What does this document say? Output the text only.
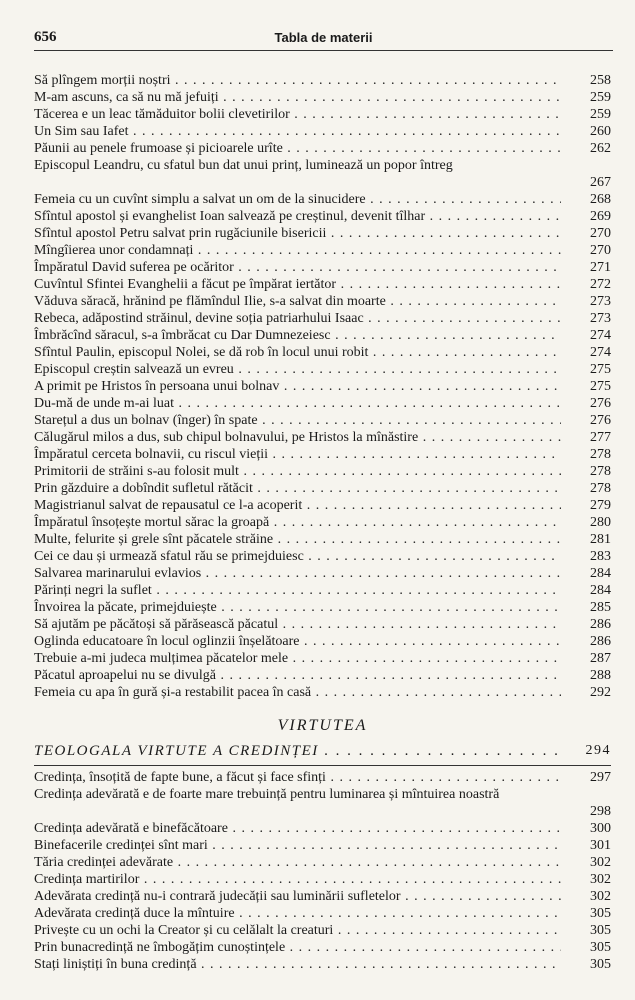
656	Tabla de materii
Să plîngem morții noștri . . .	258
M-am ascuns, ca să nu mă jefuiți . . .	259
Tăcerea e un leac tămăduitor bolii clevetirilor . . .	259
Un Sim sau Iafet . . .	260
Păunii au penele frumoase și picioarele urîte . . .	262
Episcopul Leandru, cu sfatul bun dat unui prinț, luminează un popor întreg
267
Femeia cu un cuvînt simplu a salvat un om de la sinucidere . . .	268
Sfîntul apostol și evanghelist Ioan salvează pe creștinul, devenit tîlhar . . .	269
Sfîntul apostol Petru salvat prin rugăciunile bisericii . . .	270
Mîngîierea unor condamnați . . .	270
Împăratul David suferea pe ocăritor . . .	271
Cuvîntul Sfintei Evanghelii a făcut pe împărat iertător . . .	272
Văduva săracă, hrănind pe flămîndul Ilie, s-a salvat din moarte . . .	273
Rebeca, adăpostind străinul, devine soția patriarhului Isaac . . .	273
Îmbrăcînd săracul, s-a îmbrăcat cu Dar Dumnezeiesc . . .	274
Sfîntul Paulin, episcopul Nolei, se dă rob în locul unui robit . . .	274
Episcopul creștin salvează un evreu . . .	275
A primit pe Hristos în persoana unui bolnav . . .	275
Du-mă de unde m-ai luat . . .	276
Starețul a dus un bolnav (înger) în spate . . .	276
Călugărul milos a dus, sub chipul bolnavului, pe Hristos la mînăstire . . .	277
Împăratul cerceta bolnavii, cu riscul vieții . . .	278
Primitorii de străini s-au folosit mult . . .	278
Prin găzduire a dobîndit sufletul rătăcit . . .	278
Magistrianul salvat de repausatul ce l-a acoperit . . .	279
Împăratul însoțește mortul sărac la groapă . . .	280
Multe, felurite și grele sînt păcatele străine . . .	281
Cei ce dau și urmează sfatul rău se primejduiesc . . .	283
Salvarea marinarului evlavios . . .	284
Părinți negri la suflet . . .	284
Învoirea la păcate, primejduiește . . .	285
Să ajutăm pe păcătoși să părăsească păcatul . . .	286
Oglinda educatoare în locul oglinzii înșelătoare . . .	286
Trebuie a-mi judeca mulțimea păcatelor mele . . .	287
Păcatul aproapelui nu se divulgă . . .	288
Femeia cu apa în gură și-a restabilit pacea în casă . . .	292
VIRTUTEA
TEOLOGALA VIRTUTE A CREDINȚEI . . .	294
Credința, însoțită de fapte bune, a făcut și face sfinți . . .	297
Credința adevărată e de foarte mare trebuință pentru luminarea și mîntuirea noastră
298
Credința adevărată e binefăcătoare . . .	300
Binefacerile credinței sînt mari . . .	301
Tăria credinței adevărate . . .	302
Credința martirilor . . .	302
Adevărata credință nu-i contrară judecății sau luminării sufletelor . . .	302
Adevărata credință duce la mîntuire . . .	305
Privește cu un ochi la Creator și cu celălalt la creaturi . . .	305
Prin bunacredință ne îmbogățim cunoștințele . . .	305
Stați liniștiți în buna credință . . .	305
